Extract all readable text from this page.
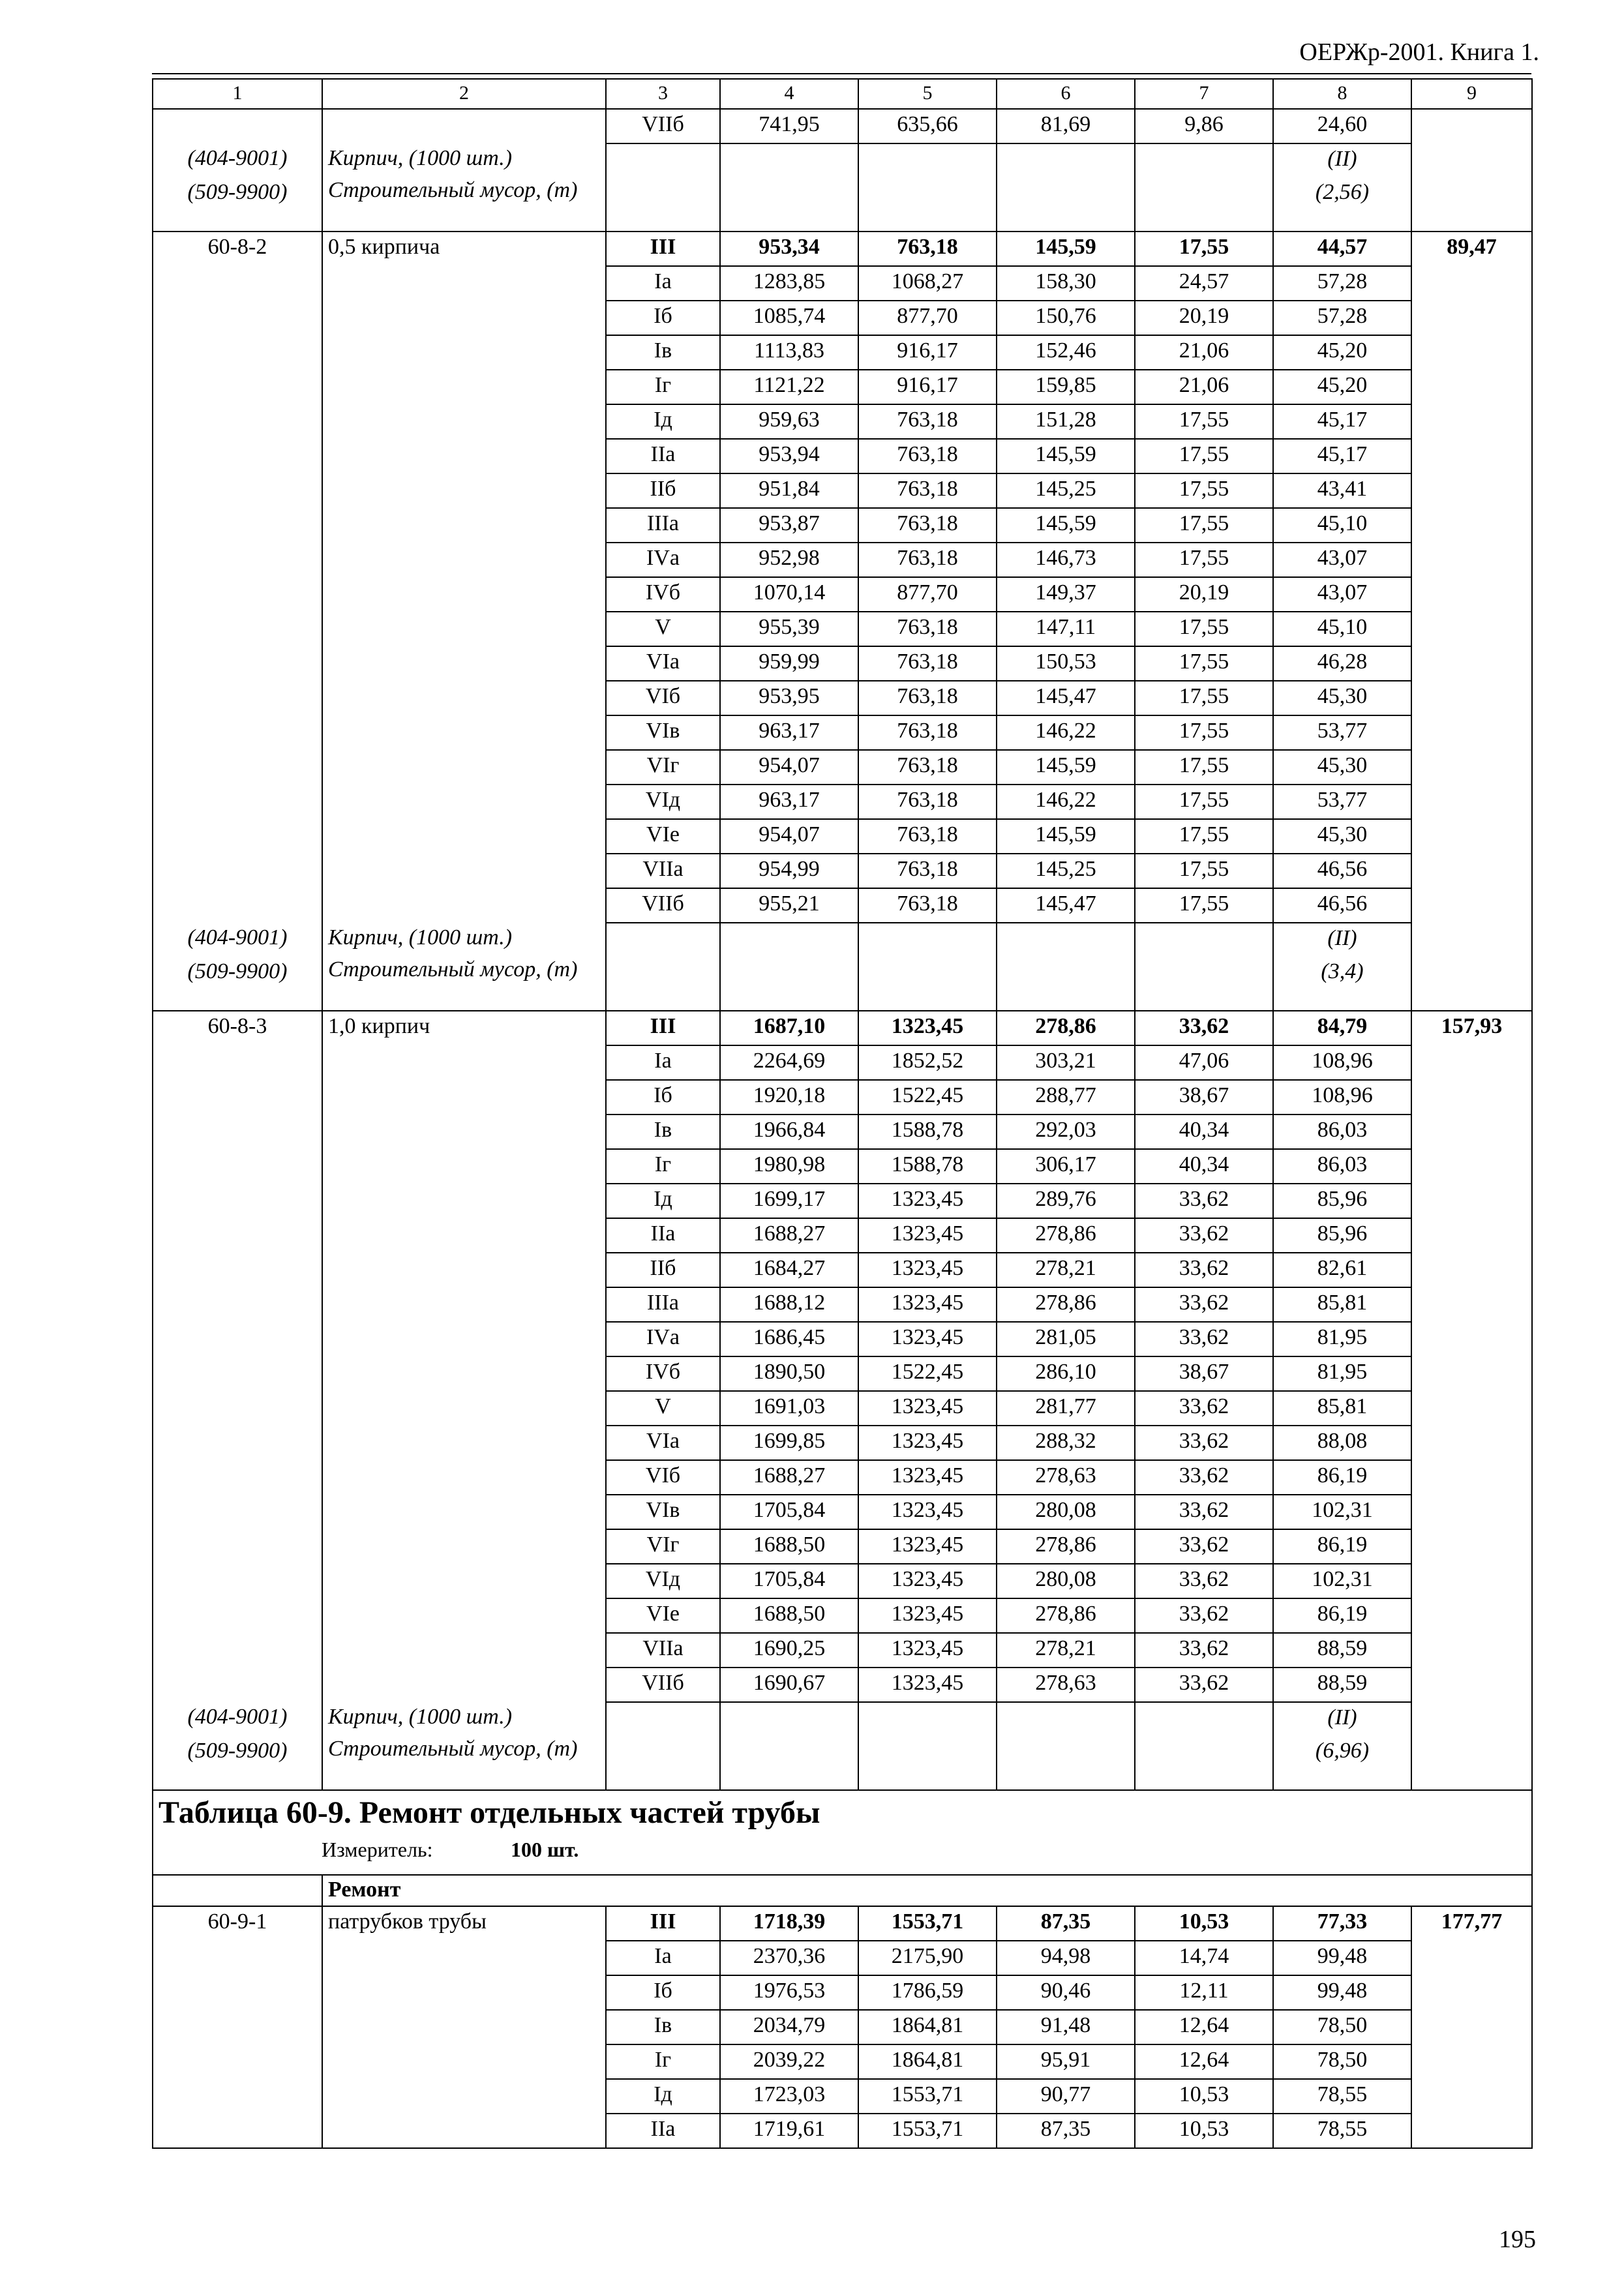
ОЕРЖр-2001. Книга 1.
1	2	3	4	5	6	7	8	9
		VIIб	741,95	635,66	81,69	9,86	24,60	
(404-9001)	Кирпич, (1000 шт.)						(II)	
(509-9900)	Строительный мусор, (т)						(2,56)	
60-8-2	0,5 кирпича	III	953,34	763,18	145,59	17,55	44,57	89,47
		Iа	1283,85	1068,27	158,30	24,57	57,28	
		Iб	1085,74	877,70	150,76	20,19	57,28	
		Iв	1113,83	916,17	152,46	21,06	45,20	
		Iг	1121,22	916,17	159,85	21,06	45,20	
		Iд	959,63	763,18	151,28	17,55	45,17	
		IIа	953,94	763,18	145,59	17,55	45,17	
		IIб	951,84	763,18	145,25	17,55	43,41	
		IIIа	953,87	763,18	145,59	17,55	45,10	
		IVа	952,98	763,18	146,73	17,55	43,07	
		IVб	1070,14	877,70	149,37	20,19	43,07	
		V	955,39	763,18	147,11	17,55	45,10	
		VIа	959,99	763,18	150,53	17,55	46,28	
		VIб	953,95	763,18	145,47	17,55	45,30	
		VIв	963,17	763,18	146,22	17,55	53,77	
		VIг	954,07	763,18	145,59	17,55	45,30	
		VIд	963,17	763,18	146,22	17,55	53,77	
		VIе	954,07	763,18	145,59	17,55	45,30	
		VIIа	954,99	763,18	145,25	17,55	46,56	
		VIIб	955,21	763,18	145,47	17,55	46,56	
(404-9001)	Кирпич, (1000 шт.)						(II)	
(509-9900)	Строительный мусор, (т)						(3,4)	
60-8-3	1,0 кирпич	III	1687,10	1323,45	278,86	33,62	84,79	157,93
		Iа	2264,69	1852,52	303,21	47,06	108,96	
		Iб	1920,18	1522,45	288,77	38,67	108,96	
		Iв	1966,84	1588,78	292,03	40,34	86,03	
		Iг	1980,98	1588,78	306,17	40,34	86,03	
		Iд	1699,17	1323,45	289,76	33,62	85,96	
		IIа	1688,27	1323,45	278,86	33,62	85,96	
		IIб	1684,27	1323,45	278,21	33,62	82,61	
		IIIа	1688,12	1323,45	278,86	33,62	85,81	
		IVа	1686,45	1323,45	281,05	33,62	81,95	
		IVб	1890,50	1522,45	286,10	38,67	81,95	
		V	1691,03	1323,45	281,77	33,62	85,81	
		VIа	1699,85	1323,45	288,32	33,62	88,08	
		VIб	1688,27	1323,45	278,63	33,62	86,19	
		VIв	1705,84	1323,45	280,08	33,62	102,31	
		VIг	1688,50	1323,45	278,86	33,62	86,19	
		VIд	1705,84	1323,45	280,08	33,62	102,31	
		VIе	1688,50	1323,45	278,86	33,62	86,19	
		VIIа	1690,25	1323,45	278,21	33,62	88,59	
		VIIб	1690,67	1323,45	278,63	33,62	88,59	
(404-9001)	Кирпич, (1000 шт.)						(II)	
(509-9900)	Строительный мусор, (т)						(6,96)	

Таблица 60-9. Ремонт отдельных частей трубы
Измеритель: 100 шт.								

	Ремонт							
60-9-1	патрубков трубы	III	1718,39	1553,71	87,35	10,53	77,33	177,77
		Iа	2370,36	2175,90	94,98	14,74	99,48	
		Iб	1976,53	1786,59	90,46	12,11	99,48	
		Iв	2034,79	1864,81	91,48	12,64	78,50	
		Iг	2039,22	1864,81	95,91	12,64	78,50	
		Iд	1723,03	1553,71	90,77	10,53	78,55	
		IIа	1719,61	1553,71	87,35	10,53	78,55	
195
